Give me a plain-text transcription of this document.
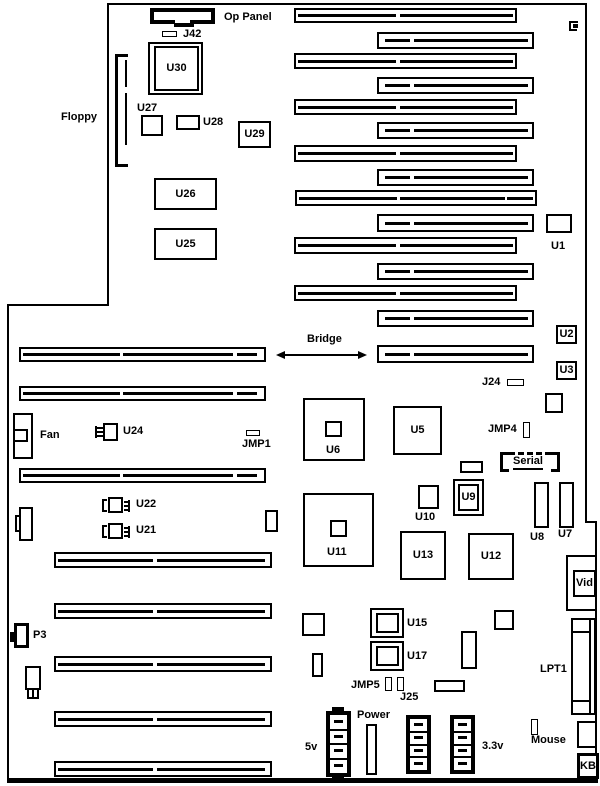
U30
U29
U26
U25
U2
U3
U5
U9
U13	U12
Vid
KB
Serial
Op Panel
J42
Floppy
U27
U28
U1
Bridge
J24
Fan	U24
JMP1
JMP4
U6
U11
U10
U8 U7
U22
U21
U15
U17
JMP5
J25
Power
5v	3.3v	Mouse
LPT1
P3
